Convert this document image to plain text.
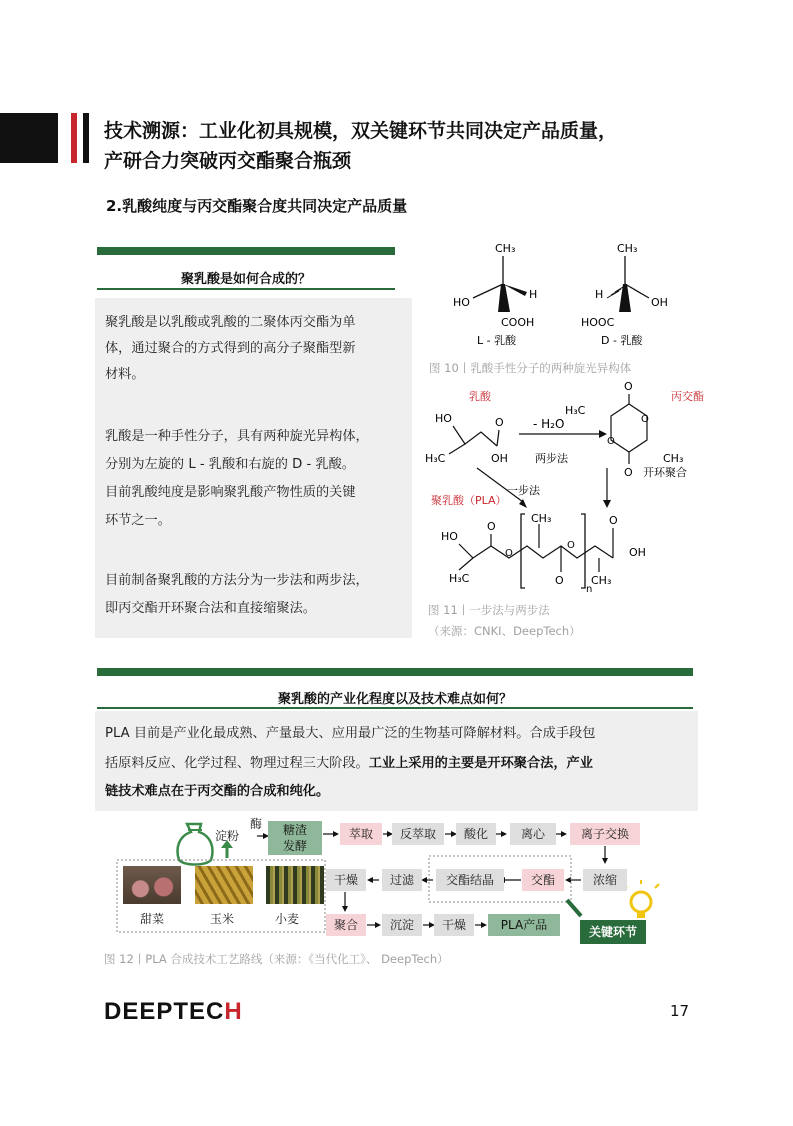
技术溯源：工业化初具规模，双关键环节共同决定产品质量，
产研合力突破丙交酯聚合瓶颈
2.乳酸纯度与丙交酯聚合度共同决定产品质量
聚乳酸是如何合成的？

聚乳酸是以乳酸或乳酸的二聚体丙交酯为单

体，通过聚合的方式得到的高分子聚酯型新

材料。

乳酸是一种手性分子，具有两种旋光异构体，

分别为左旋的 L - 乳酸和右旋的 D - 乳酸。

目前乳酸纯度是影响聚乳酸产物性质的关键

环节之一。

目前制备聚乳酸的方法分为一步法和两步法，

即丙交酯开环聚合法和直接缩聚法。

CH₃
HO
H
COOH
L - 乳酸
CH₃
OH
H
HOOC
D - 乳酸
图 10丨乳酸手性分子的两种旋光异构体
乳酸	丙交酯
HO
H₃C
O
OH
- H₂O
两步法
O
O
H₃C
CH₃
O
O
一步法
开环聚合
聚乳酸（PLA）
HO
H₃C
O
O
CH₃
O
O
n
CH₃
O
OH
图 11丨一步法与两步法
（来源：CNKI、DeepTech）
聚乳酸的产业化程度以及技术难点如何？
PLA 目前是产业化最成熟、产量最大、应用最广泛的生物基可降解材料。合成手段包
括原料反应、化学过程、物理过程三大阶段。工业上采用的主要是开环聚合法，产业
链技术难点在于丙交酯的合成和纯化。
淀粉
酶	糖渣
发酵
萃取	反萃取	酸化	离心	离子交换
浓缩
交酯
交酯结晶
过滤
干燥
聚合	沉淀	干燥	PLA产品	关键环节
甜菜	玉米	小麦
图 12丨PLA 合成技术工艺路线（来源：《当代化工》、 DeepTech）
DEEPTECH	17
